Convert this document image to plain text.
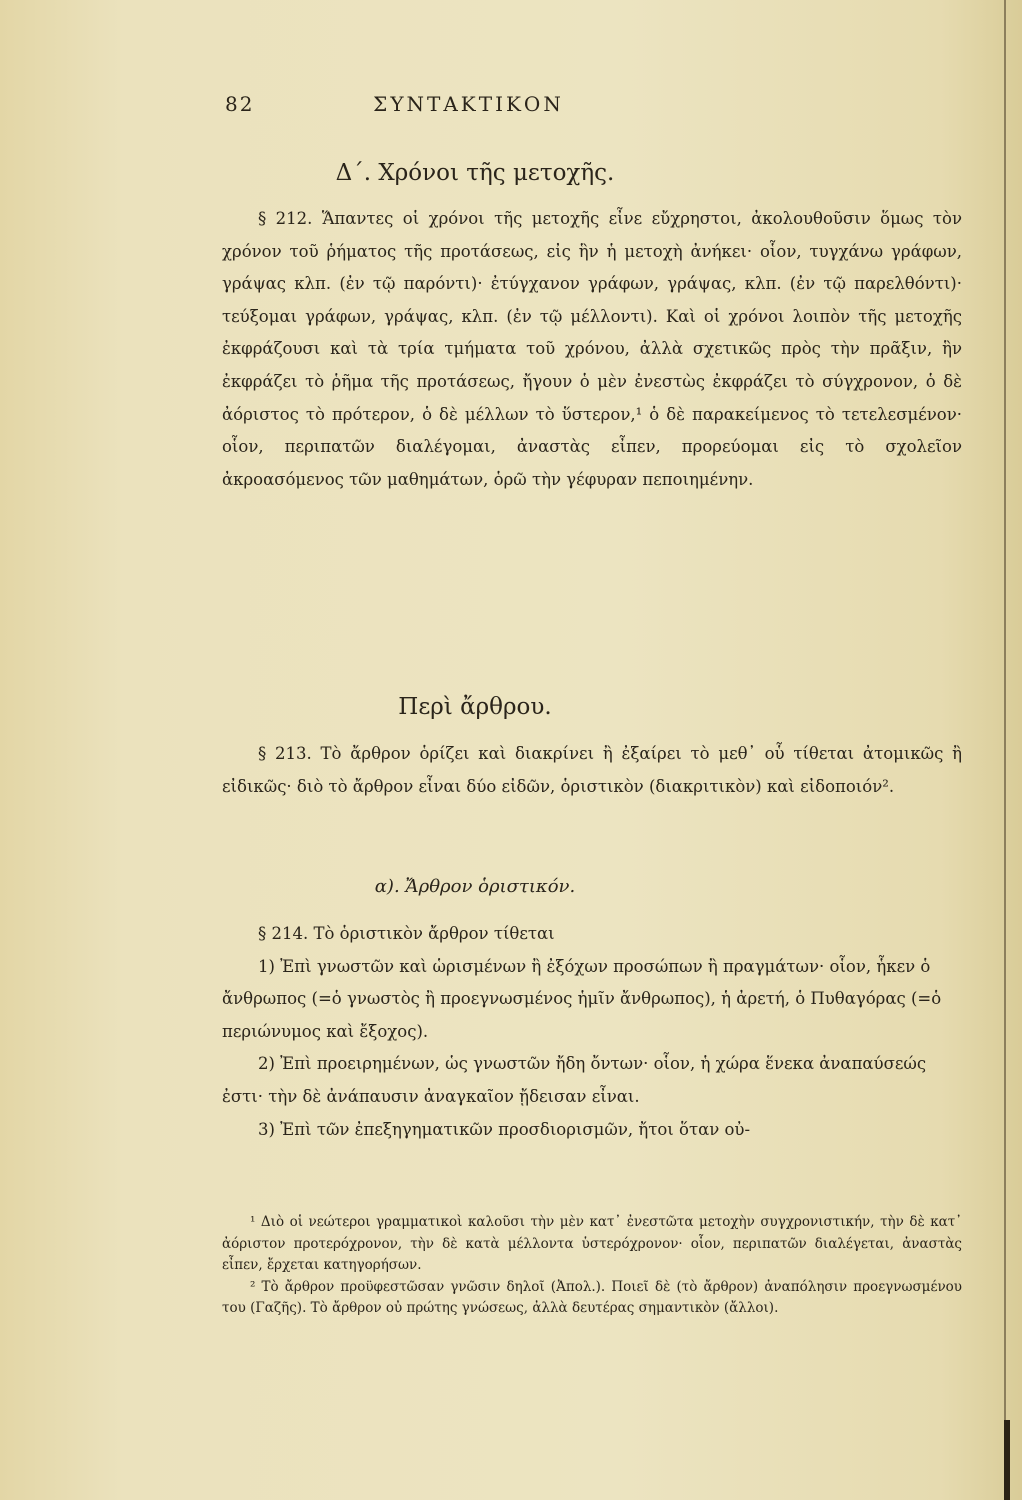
82	ΣΥΝΤΑΚΤΙΚΟΝ
Δ΄. Χρόνοι τῆς μετοχῆς.

§ 212. Ἅπαντες οἱ χρόνοι τῆς μετοχῆς εἶνε εὔχρηστοι, ἀκολουθοῦσιν ὅμως τὸν χρόνον τοῦ ῥήματος τῆς προτάσεως, εἰς ἣν ἡ μετοχὴ ἀνήκει· οἷον, τυγχάνω γράφων, γράψας κλπ. (ἐν τῷ παρόντι)· ἐτύγχανον γράφων, γράψας, κλπ. (ἐν τῷ παρελθόντι)· τεύξομαι γράφων, γράψας, κλπ. (ἐν τῷ μέλλοντι). Καὶ οἱ χρόνοι λοιπὸν τῆς μετοχῆς ἐκφράζουσι καὶ τὰ τρία τμήματα τοῦ χρόνου, ἀλλὰ σχετικῶς πρὸς τὴν πρᾶξιν, ἣν ἐκφράζει τὸ ῥῆμα τῆς προτάσεως, ἤγουν ὁ μὲν ἐνεστὼς ἐκφράζει τὸ σύγχρονον, ὁ δὲ ἀόριστος τὸ πρότερον, ὁ δὲ μέλλων τὸ ὕστερον,¹ ὁ δὲ παρακείμενος τὸ τετελεσμένον· οἷον, περιπατῶν διαλέγομαι, ἀναστὰς εἶπεν, προρεύομαι εἰς τὸ σχολεῖον ἀκροασόμενος τῶν μαθημάτων, ὁρῶ τὴν γέφυραν πεποιημένην.

Περὶ ἄρθρου.

§ 213. Τὸ ἄρθρον ὁρίζει καὶ διακρίνει ἢ ἐξαίρει τὸ μεθ᾿ οὗ τίθεται ἀτομικῶς ἢ εἰδικῶς· διὸ τὸ ἄρθρον εἶναι δύο εἰδῶν, ὁριστικὸν (διακριτικὸν) καὶ εἰδοποιόν².

α). Ἄρθρον ὁριστικόν.

§ 214. Τὸ ὁριστικὸν ἄρθρον τίθεται

1) Ἐπὶ γνωστῶν καὶ ὡρισμένων ἢ ἐξόχων προσώπων ἢ πραγμάτων· οἷον, ἧκεν ὁ ἄνθρωπος (=ὁ γνωστὸς ἢ προεγνωσμένος ἡμῖν ἄνθρωπος), ἡ ἀρετή, ὁ Πυθαγόρας (=ὁ περιώνυμος καὶ ἔξοχος).

2) Ἐπὶ προειρημένων, ὡς γνωστῶν ἤδη ὄντων· οἷον, ἡ χώρα ἕνεκα ἀναπαύσεώς ἐστι· τὴν δὲ ἀνάπαυσιν ἀναγκαῖον ᾔδεισαν εἶναι.

3) Ἐπὶ τῶν ἐπεξηγηματικῶν προσδιορισμῶν, ἤτοι ὅταν οὐ-

¹ Διὸ οἱ νεώτεροι γραμματικοὶ καλοῦσι τὴν μὲν κατ᾿ ἐνεστῶτα μετοχὴν συγχρονιστικήν, τὴν δὲ κατ᾿ ἀόριστον προτερόχρονον, τὴν δὲ κατὰ μέλλοντα ὑστερόχρονον· οἷον, περιπατῶν διαλέγεται, ἀναστὰς εἶπεν, ἔρχεται κατηγορήσων.

² Τὸ ἄρθρον προϋφεστῶσαν γνῶσιν δηλοῖ (Ἀπολ.). Ποιεῖ δὲ (τὸ ἄρθρον) ἀναπόλησιν προεγνωσμένου του (Γαζῆς). Τὸ ἄρθρον οὐ πρώτης γνώσεως, ἀλλὰ δευτέρας σημαντικὸν (ἄλλοι).
